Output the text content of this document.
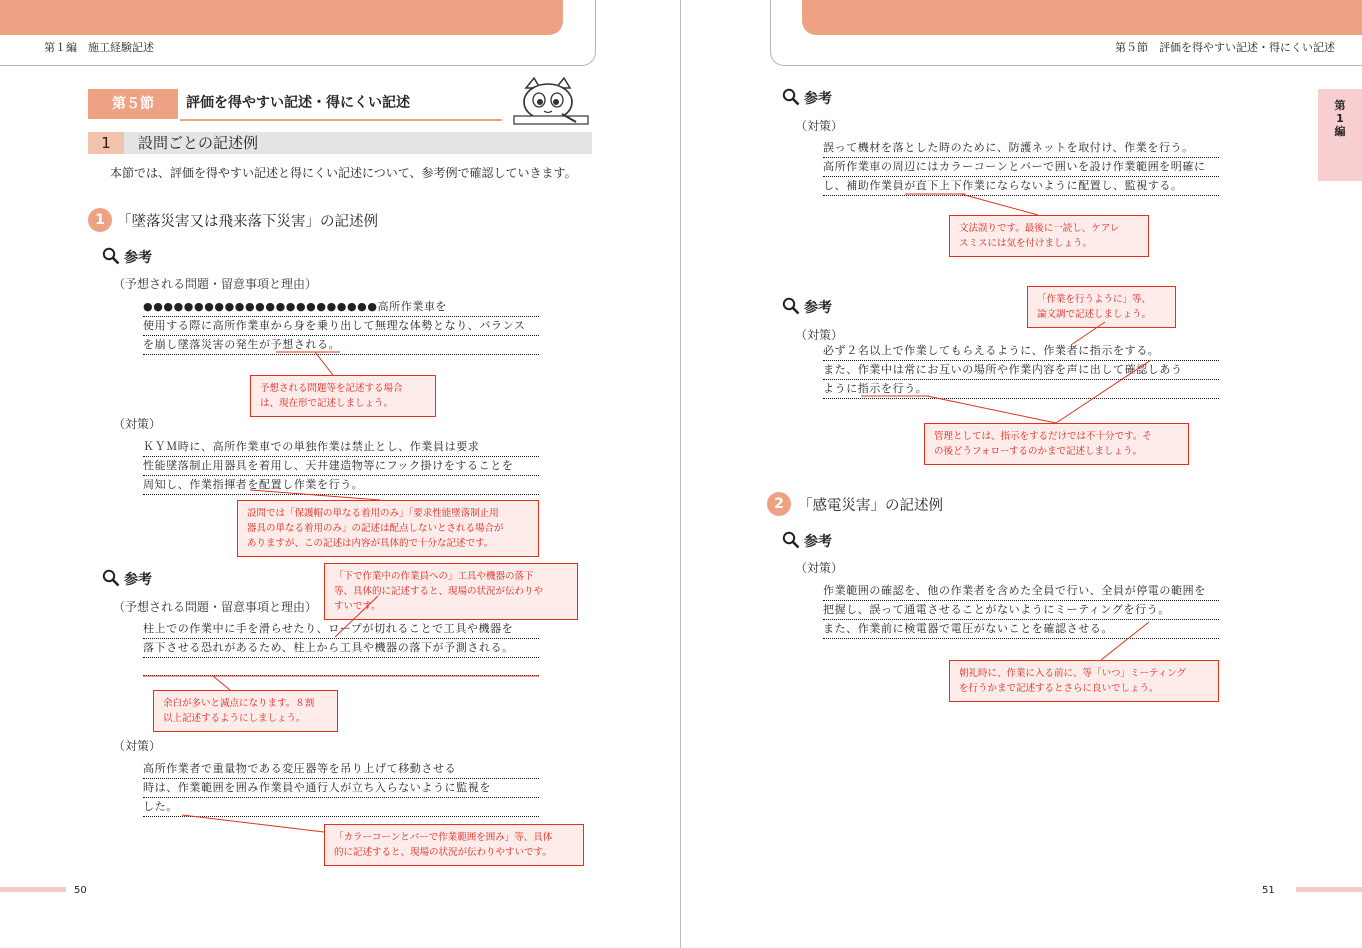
第１編　施工経験記述
第５節	評価を得やすい記述・得にくい記述
設問ごとの記述例
1
本節では、評価を得やすい記述と得にくい記述について、参考例で確認していきます。
1 「墜落災害又は飛来落下災害」の記述例
参考
（予想される問題・留意事項と理由）
●●●●●●●●●●●●●●●●●●●●●●●高所作業車を
使用する際に高所作業車から身を乗り出して無理な体勢となり、バランス
を崩し墜落災害の発生が予想される。
予想される問題等を記述する場合
は、現在形で記述しましょう。
（対策）
ＫＹＭ時に、高所作業車での単独作業は禁止とし、作業員は要求
性能墜落制止用器具を着用し、天井建造物等にフック掛けをすることを
周知し、作業指揮者を配置し作業を行う。
設問では「保護帽の単なる着用のみ」「要求性能墜落制止用
器具の単なる着用のみ」の記述は配点しないとされる場合が
ありますが、この記述は内容が具体的で十分な記述です。
参考
（予想される問題・留意事項と理由）
「下で作業中の作業員への」工具や機器の落下
等、具体的に記述すると、現場の状況が伝わりや
すいです。
柱上での作業中に手を滑らせたり、ロープが切れることで工具や機器を
落下させる恐れがあるため、柱上から工具や機器の落下が予測される。
余白が多いと減点になります。８割
以上記述するようにしましょう。
（対策）
高所作業者で重量物である変圧器等を吊り上げて移動させる
時は、作業範囲を囲み作業員や通行人が立ち入らないように監視を
した。
「カラーコーンとバーで作業範囲を囲み」等、具体
的に記述すると、現場の状況が伝わりやすいです。
50
第５節　評価を得やすい記述・得にくい記述
第
1
編
参考
（対策）
誤って機材を落とした時のために、防護ネットを取付け、作業を行う。
高所作業車の周辺にはカラーコーンとバーで囲いを設け作業範囲を明確に
し、補助作業員が直下上下作業にならないように配置し、監視する。
文法誤りです。最後に一読し、ケアレ
スミスには気を付けましょう。
参考
（対策）
「作業を行うように」等、
論文調で記述しましょう。
必ず２名以上で作業してもらえるように、作業者に指示をする。
また、作業中は常にお互いの場所や作業内容を声に出して確認しあう
ように指示を行う。
管理としては、指示をするだけでは不十分です。そ
の後どうフォローするのかまで記述しましょう。
2 「感電災害」の記述例
参考
（対策）
作業範囲の確認を、他の作業者を含めた全員で行い、全員が停電の範囲を
把握し、誤って通電させることがないようにミーティングを行う。
また、作業前に検電器で電圧がないことを確認させる。
朝礼時に、作業に入る前に、等「いつ」ミーティング
を行うかまで記述するとさらに良いでしょう。
51
